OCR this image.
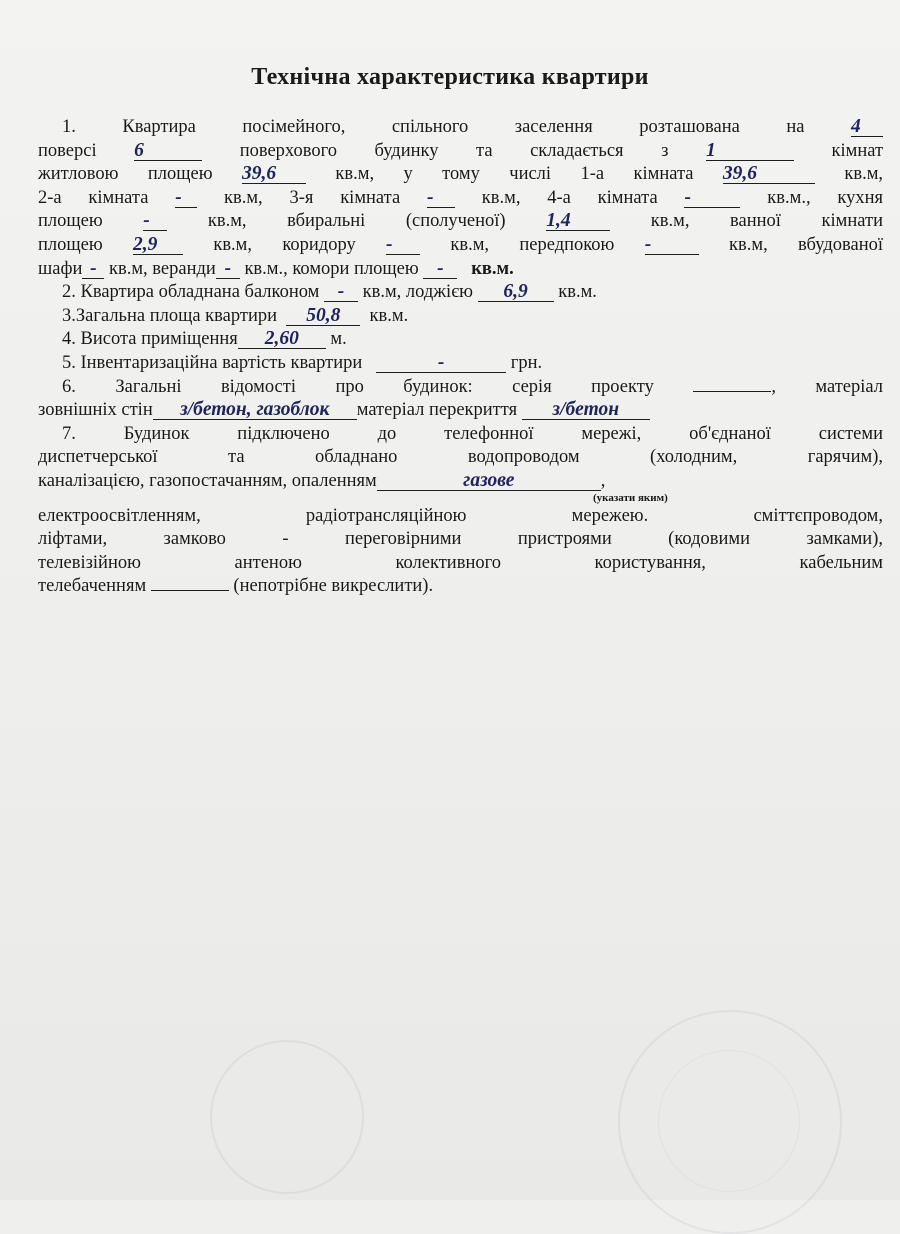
Технічна характеристика квартири
1. Квартира посімейного, спільного заселення	розташована на 4
поверсі 6	поверхового будинку та складається з 1	кімнат
житловою площею 39,6	кв.м, у тому числі 1-а кімната 39,6	кв.м,
2-а кімната - кв.м, 3-я кімната -	кв.м, 4-а кімната -	кв.м., кухня
площею -	кв.м, вбиральні (сполученої) 1,4	кв.м, ванної кімнати
площею 2,9	кв.м, коридору -	кв.м, передпокою -	кв.м, вбудованої
шафи - кв.м, веранди - кв.м., комори площею - кв.м.
2. Квартира обладнана балконом - кв.м, лоджією 6,9 кв.м.
3.Загальна площа квартири 50,8 кв.м.
4. Висота приміщення 2,60 м.
5. Інвентаризаційна вартість квартири	-	грн.
6. Загальні відомості про будинок: серія проекту	, матеріал
зовнішніх стін з/бетон, газоблок матеріал перекриття з/бетон
7. Будинок підключено до телефонної мережі, об'єднаної системи
диспетчерської та обладнано водопроводом (холодним, гарячим),
каналізацією, газопостачанням, опаленням	газове	,
(указати яким)
електроосвітленням, радіотрансляційною мережею. сміттєпроводом,
ліфтами, замково - переговірними пристроями (кодовими замками),
телевізійною антеною колективного користування, кабельним
телебаченням	(непотрібне викреслити).
